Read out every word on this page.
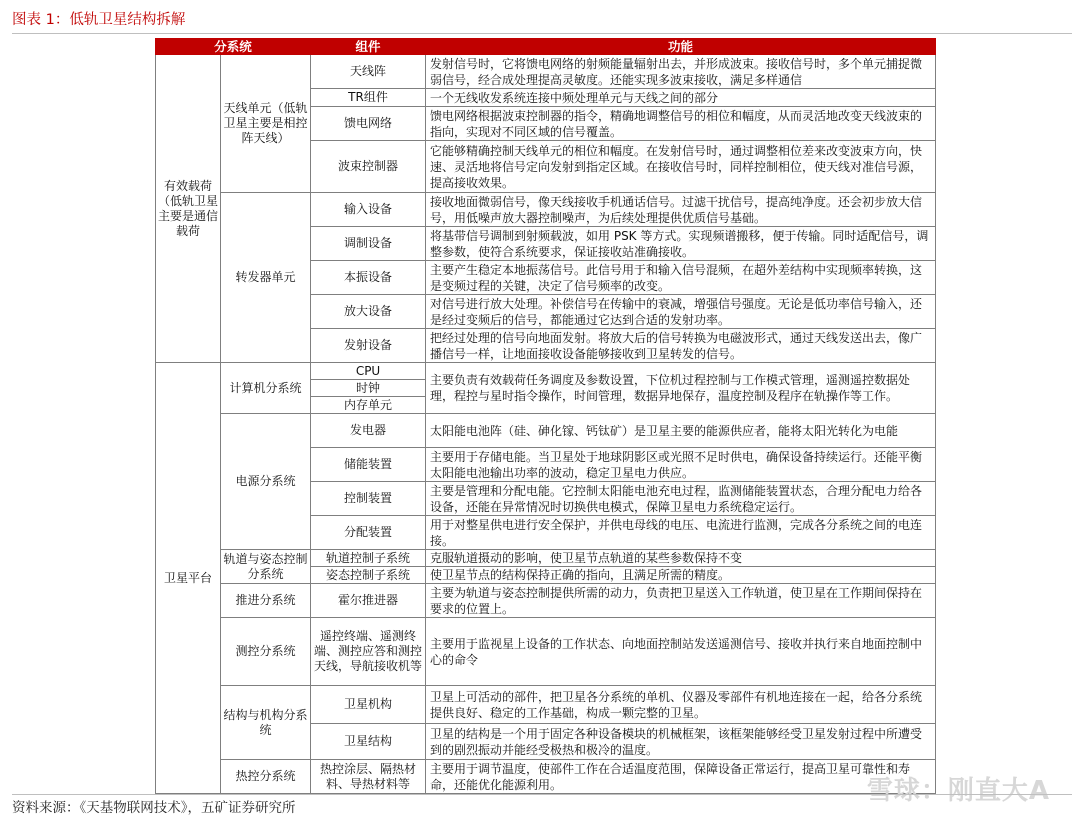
图表 1：低轨卫星结构拆解
分系统		组件	功能
有效载荷（低轨卫星主要是通信载荷	天线单元（低轨卫星主要是相控阵天线）	天线阵	发射信号时，它将馈电网络的射频能量辐射出去，并形成波束。接收信号时，多个单元捕捉微弱信号，经合成处理提高灵敏度。还能实现多波束接收，满足多样通信
		TR组件	一个无线收发系统连接中频处理单元与天线之间的部分
		馈电网络	馈电网络根据波束控制器的指令，精确地调整信号的相位和幅度，从而灵活地改变天线波束的指向，实现对不同区域的信号覆盖。
		波束控制器	它能够精确控制天线单元的相位和幅度。在发射信号时，通过调整相位差来改变波束方向，快速、灵活地将信号定向发射到指定区域。在接收信号时，同样控制相位，使天线对准信号源，提高接收效果。
	转发器单元	输入设备	接收地面微弱信号，像天线接收手机通话信号。过滤干扰信号，提高纯净度。还会初步放大信号，用低噪声放大器控制噪声，为后续处理提供优质信号基础。
		调制设备	将基带信号调制到射频载波，如用 PSK 等方式。实现频谱搬移，便于传输。同时适配信号，调整参数，使符合系统要求，保证接收站准确接收。
		本振设备	主要产生稳定本地振荡信号。此信号用于和输入信号混频，在超外差结构中实现频率转换，这是变频过程的关键，决定了信号频率的改变。
		放大设备	对信号进行放大处理。补偿信号在传输中的衰减，增强信号强度。无论是低功率信号输入，还是经过变频后的信号，都能通过它达到合适的发射功率。
		发射设备	把经过处理的信号向地面发射。将放大后的信号转换为电磁波形式，通过天线发送出去，像广播信号一样，让地面接收设备能够接收到卫星转发的信号。
卫星平台	计算机分系统	CPU	主要负责有效载荷任务调度及参数设置，下位机过程控制与工作模式管理，遥测遥控数据处理，程控与星时指令操作，时间管理，数据异地保存，温度控制及程序在轨操作等工作。
		时钟	
		内存单元	
	电源分系统	发电器	太阳能电池阵（硅、砷化镓、钙钛矿）是卫星主要的能源供应者，能将太阳光转化为电能
		储能装置	主要用于存储电能。当卫星处于地球阴影区或光照不足时供电，确保设备持续运行。还能平衡太阳能电池输出功率的波动，稳定卫星电力供应。
		控制装置	主要是管理和分配电能。它控制太阳能电池充电过程，监测储能装置状态，合理分配电力给各设备，还能在异常情况时切换供电模式，保障卫星电力系统稳定运行。
		分配装置	用于对整星供电进行安全保护，并供电母线的电压、电流进行监测，完成各分系统之间的电连接。
	轨道与姿态控制分系统	轨道控制子系统	克服轨道摄动的影响，使卫星节点轨道的某些参数保持不变
		姿态控制子系统	使卫星节点的结构保持正确的指向，且满足所需的精度。
	推进分系统	霍尔推进器	主要为轨道与姿态控制提供所需的动力，负责把卫星送入工作轨道，使卫星在工作期间保持在要求的位置上。
	测控分系统	遥控终端、遥测终端、测控应答和测控天线，导航接收机等	主要用于监视星上设备的工作状态、向地面控制站发送遥测信号、接收并执行来自地面控制中心的命令
	结构与机构分系统	卫星机构	卫星上可活动的部件，把卫星各分系统的单机、仪器及零部件有机地连接在一起，给各分系统提供良好、稳定的工作基础，构成一颗完整的卫星。
		卫星结构	卫星的结构是一个用于固定各种设备模块的机械框架，该框架能够经受卫星发射过程中所遭受到的剧烈振动并能经受极热和极冷的温度。
	热控分系统	热控涂层、隔热材料、导热材料等	主要用于调节温度，使部件工作在合适温度范围，保障设备正常运行，提高卫星可靠性和寿命，还能优化能源利用。	雪球：刚直大A
资料来源：《天基物联网技术》，五矿证券研究所
